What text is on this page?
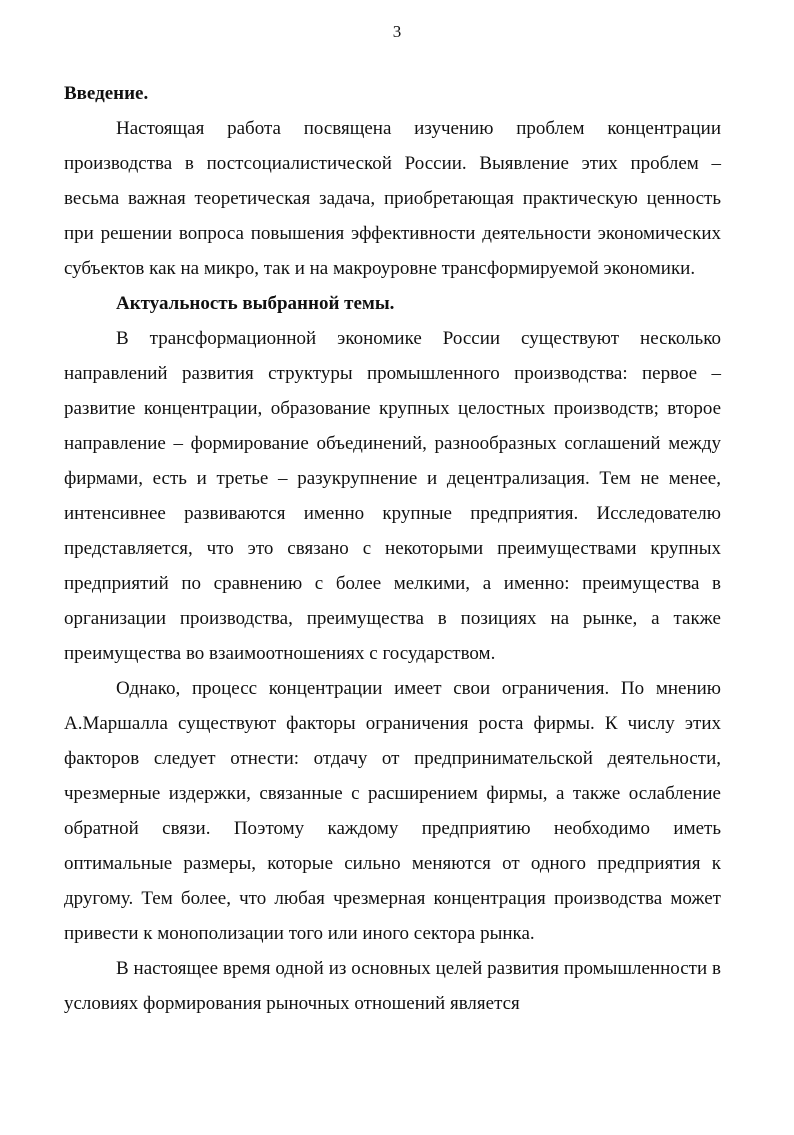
3

Введение.

Настоящая работа посвящена изучению проблем концентрации производства в постсоциалистической России. Выявление этих проблем – весьма важная теоретическая задача, приобретающая практическую ценность при решении вопроса повышения эффективности деятельности экономических субъектов как на микро, так и на макроуровне трансформируемой экономики.

Актуальность выбранной темы.

В трансформационной экономике России существуют несколько направлений развития структуры промышленного производства: первое – развитие концентрации, образование крупных целостных производств; второе направление – формирование объединений, разнообразных соглашений между фирмами, есть и третье – разукрупнение и децентрализация. Тем не менее, интенсивнее развиваются именно крупные предприятия. Исследователю представляется, что это связано с некоторыми преимуществами крупных предприятий по сравнению с более мелкими, а именно: преимущества в организации производства, преимущества в позициях на рынке, а также преимущества во взаимоотношениях с государством.

Однако, процесс концентрации имеет свои ограничения. По мнению А.Маршалла существуют факторы ограничения роста фирмы. К числу этих факторов следует отнести: отдачу от предпринимательской деятельности, чрезмерные издержки, связанные с расширением фирмы, а также ослабление обратной связи. Поэтому каждому предприятию необходимо иметь оптимальные размеры, которые сильно меняются от одного предприятия к другому. Тем более, что любая чрезмерная концентрация производства может привести к монополизации того или иного сектора рынка.

В настоящее время одной из основных целей развития промышленности в условиях формирования рыночных отношений является
